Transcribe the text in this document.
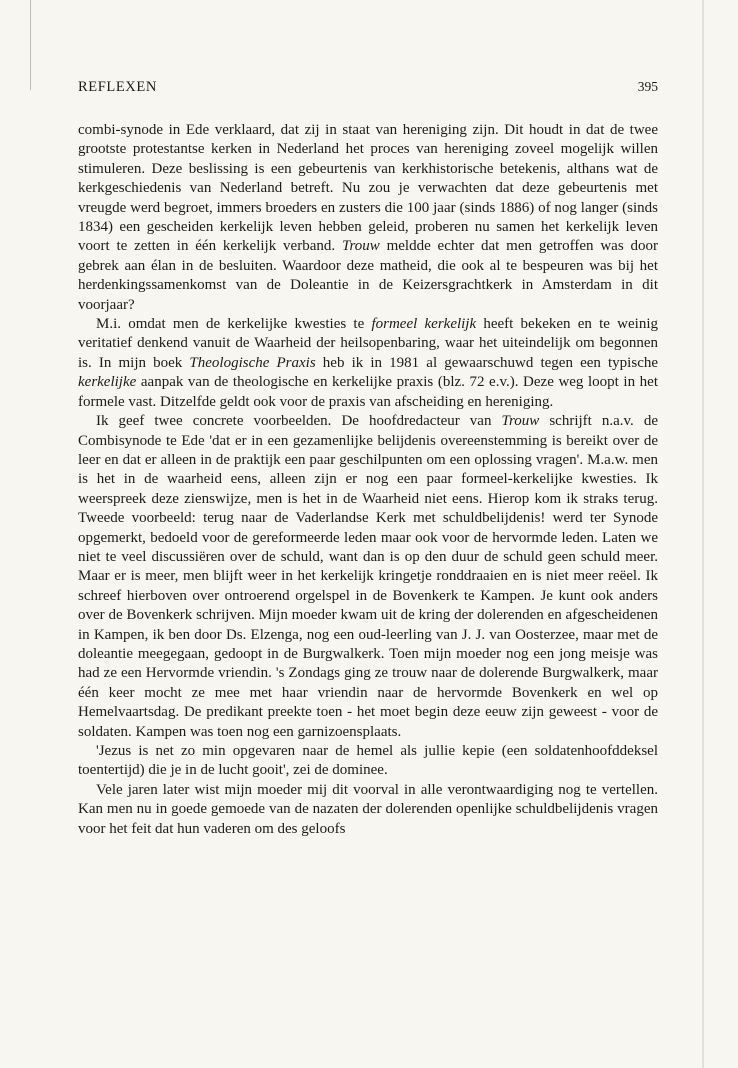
REFLEXEN	395

combi-synode in Ede verklaard, dat zij in staat van hereniging zijn. Dit houdt in dat de twee grootste protestantse kerken in Nederland het proces van hereniging zoveel mogelijk willen stimuleren. Deze beslissing is een gebeurtenis van kerkhistorische betekenis, althans wat de kerkgeschiedenis van Nederland betreft. Nu zou je verwachten dat deze gebeurtenis met vreugde werd begroet, immers broeders en zusters die 100 jaar (sinds 1886) of nog langer (sinds 1834) een gescheiden kerkelijk leven hebben geleid, proberen nu samen het kerkelijk leven voort te zetten in één kerkelijk verband. Trouw meldde echter dat men getroffen was door gebrek aan élan in de besluiten. Waardoor deze matheid, die ook al te bespeuren was bij het herdenkingssamenkomst van de Doleantie in de Keizersgrachtkerk in Amsterdam in dit voorjaar?

M.i. omdat men de kerkelijke kwesties te formeel kerkelijk heeft bekeken en te weinig veritatief denkend vanuit de Waarheid der heilsopenbaring, waar het uiteindelijk om begonnen is. In mijn boek Theologische Praxis heb ik in 1981 al gewaarschuwd tegen een typische kerkelijke aanpak van de theologische en kerkelijke praxis (blz. 72 e.v.). Deze weg loopt in het formele vast. Ditzelfde geldt ook voor de praxis van afscheiding en hereniging.

Ik geef twee concrete voorbeelden. De hoofdredacteur van Trouw schrijft n.a.v. de Combisynode te Ede 'dat er in een gezamenlijke belijdenis overeenstemming is bereikt over de leer en dat er alleen in de praktijk een paar geschilpunten om een oplossing vragen'. M.a.w. men is het in de waarheid eens, alleen zijn er nog een paar formeel-kerkelijke kwesties. Ik weerspreek deze zienswijze, men is het in de Waarheid niet eens. Hierop kom ik straks terug. Tweede voorbeeld: terug naar de Vaderlandse Kerk met schuldbelijdenis! werd ter Synode opgemerkt, bedoeld voor de gereformeerde leden maar ook voor de hervormde leden. Laten we niet te veel discussiëren over de schuld, want dan is op den duur de schuld geen schuld meer. Maar er is meer, men blijft weer in het kerkelijk kringetje ronddraaien en is niet meer reëel. Ik schreef hierboven over ontroerend orgelspel in de Bovenkerk te Kampen. Je kunt ook anders over de Bovenkerk schrijven. Mijn moeder kwam uit de kring der dolerenden en afgescheidenen in Kampen, ik ben door Ds. Elzenga, nog een oud-leerling van J. J. van Oosterzee, maar met de doleantie meegegaan, gedoopt in de Burgwalkerk. Toen mijn moeder nog een jong meisje was had ze een Hervormde vriendin. 's Zondags ging ze trouw naar de dolerende Burgwalkerk, maar één keer mocht ze mee met haar vriendin naar de hervormde Bovenkerk en wel op Hemelvaartsdag. De predikant preekte toen - het moet begin deze eeuw zijn geweest - voor de soldaten. Kampen was toen nog een garnizoensplaats.

'Jezus is net zo min opgevaren naar de hemel als jullie kepie (een soldatenhoofddeksel toentertijd) die je in de lucht gooit', zei de dominee.

Vele jaren later wist mijn moeder mij dit voorval in alle verontwaardiging nog te vertellen. Kan men nu in goede gemoede van de nazaten der dolerenden openlijke schuldbelijdenis vragen voor het feit dat hun vaderen om des geloofs
